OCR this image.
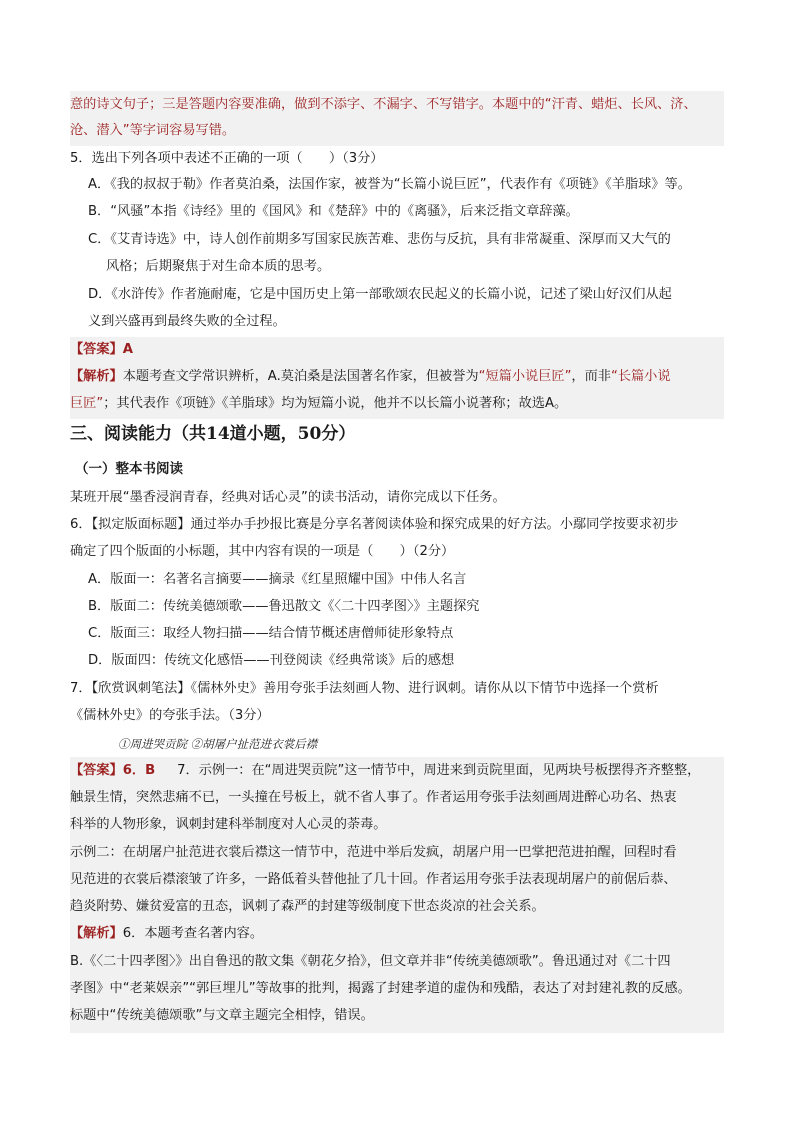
意的诗文句子；三是答题内容要准确，做到不添字、不漏字、不写错字。本题中的“汗青、蜡炬、长风、济、
沧、潜入”等字词容易写错。
5．选出下列各项中表述不正确的一项（　　）（3分）
A．《我的叔叔于勒》作者莫泊桑，法国作家，被誉为“长篇小说巨匠”，代表作有《项链》《羊脂球》等。
B．“风骚”本指《诗经》里的《国风》和《楚辞》中的《离骚》，后来泛指文章辞藻。
C．《艾青诗选》中，诗人创作前期多写国家民族苦难、悲伤与反抗，具有非常凝重、深厚而又大气的
风格；后期聚焦于对生命本质的思考。
D．《水浒传》作者施耐庵，它是中国历史上第一部歌颂农民起义的长篇小说，记述了梁山好汉们从起
义到兴盛再到最终失败的全过程。
【答案】A
【解析】本题考查文学常识辨析，A.莫泊桑是法国著名作家，但被誉为“短篇小说巨匠”，而非“长篇小说
巨匠”；其代表作《项链》《羊脂球》均为短篇小说，他并不以长篇小说著称；故选A。
三、阅读能力（共14道小题，50分）
（一）整本书阅读
某班开展“墨香浸润青春，经典对话心灵”的读书活动，请你完成以下任务。
6．【拟定版面标题】通过举办手抄报比赛是分享名著阅读体验和探究成果的好方法。小鄢同学按要求初步
确定了四个版面的小标题，其中内容有误的一项是（　　）（2分）
A．版面一：名著名言摘要——摘录《红星照耀中国》中伟人名言
B．版面二：传统美德颂歌——鲁迅散文《〈二十四孝图〉》主题探究
C．版面三：取经人物扫描——结合情节概述唐僧师徒形象特点
D．版面四：传统文化感悟——刊登阅读《经典常谈》后的感想
7．【欣赏讽刺笔法】《儒林外史》善用夸张手法刻画人物、进行讽刺。请你从以下情节中选择一个赏析
《儒林外史》的夸张手法。（3分）
①周进哭贡院 ②胡屠户扯范进衣裳后襟
【答案】6．B 7．示例一：在“周进哭贡院”这一情节中，周进来到贡院里面，见两块号板摆得齐齐整整，
触景生情，突然悲痛不已，一头撞在号板上，就不省人事了。作者运用夸张手法刻画周进醉心功名、热衷
科举的人物形象，讽刺封建科举制度对人心灵的荼毒。
示例二：在胡屠户扯范进衣裳后襟这一情节中，范进中举后发疯，胡屠户用一巴掌把范进拍醒，回程时看
见范进的衣裳后襟滚皱了许多，一路低着头替他扯了几十回。作者运用夸张手法表现胡屠户的前倨后恭、
趋炎附势、嫌贫爱富的丑态，讽刺了森严的封建等级制度下世态炎凉的社会关系。
【解析】6．本题考查名著内容。
B.《〈二十四孝图〉》出自鲁迅的散文集《朝花夕拾》，但文章并非“传统美德颂歌”。鲁迅通过对《二十四
孝图》中“老莱娱亲”“郭巨埋儿”等故事的批判，揭露了封建孝道的虚伪和残酷，表达了对封建礼教的反感。
标题中“传统美德颂歌”与文章主题完全相悖，错误。
